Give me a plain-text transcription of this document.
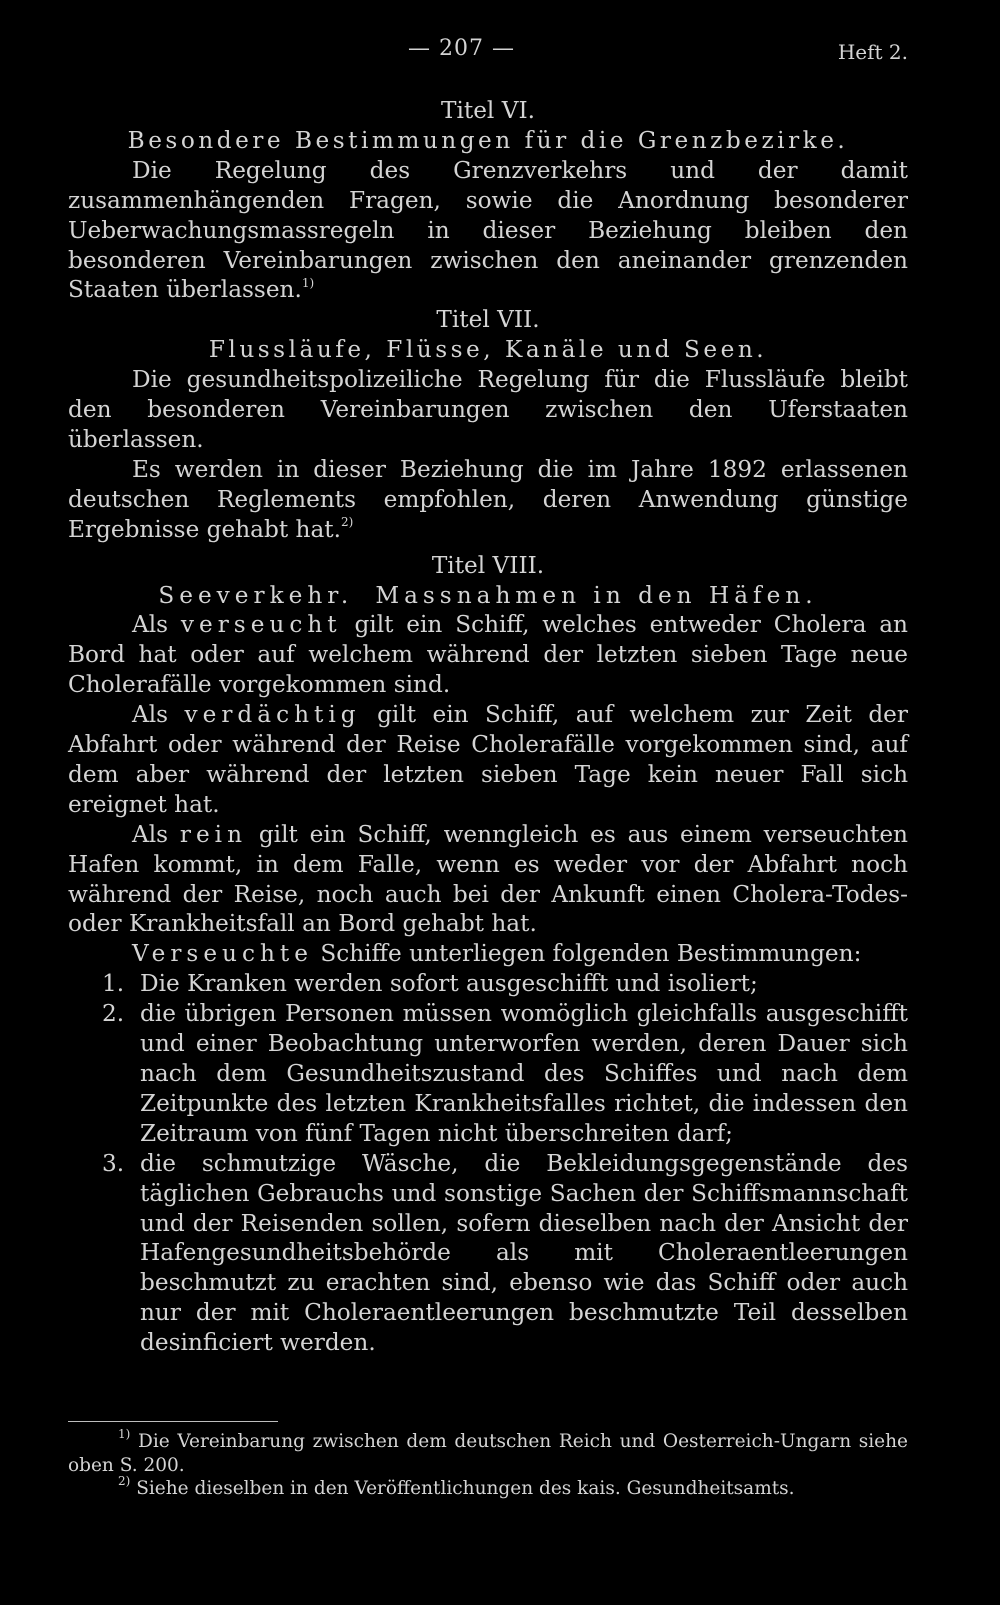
— 207 —	Heft 2.
Titel VI.
Besondere Bestimmungen für die Grenzbezirke.

Die Regelung des Grenzverkehrs und der damit zusammenhängenden Fragen, sowie die Anordnung besonderer Ueberwachungsmassregeln in dieser Beziehung bleiben den besonderen Vereinbarungen zwischen den aneinander grenzenden Staaten überlassen.$^{1)}$

Titel VII.
Flussläufe, Flüsse, Kanäle und Seen.

Die gesundheitspolizeiliche Regelung für die Flussläufe bleibt den besonderen Vereinbarungen zwischen den Uferstaaten überlassen.

Es werden in dieser Beziehung die im Jahre 1892 erlassenen deutschen Reglements empfohlen, deren Anwendung günstige Ergebnisse gehabt hat.$^{2)}$

Titel VIII.
Seeverkehr. Massnahmen in den Häfen.

Als verseucht gilt ein Schiff, welches entweder Cholera an Bord hat oder auf welchem während der letzten sieben Tage neue Cholerafälle vorgekommen sind.

Als verdächtig gilt ein Schiff, auf welchem zur Zeit der Abfahrt oder während der Reise Cholerafälle vorgekommen sind, auf dem aber während der letzten sieben Tage kein neuer Fall sich ereignet hat.

Als rein gilt ein Schiff, wenngleich es aus einem verseuchten Hafen kommt, in dem Falle, wenn es weder vor der Abfahrt noch während der Reise, noch auch bei der Ankunft einen Cholera-Todes- oder Krankheitsfall an Bord gehabt hat.

Verseuchte Schiffe unterliegen folgenden Bestimmungen:

1. Die Kranken werden sofort ausgeschifft und isoliert;

2. die übrigen Personen müssen womöglich gleichfalls ausgeschifft und einer Beobachtung unterworfen werden, deren Dauer sich nach dem Gesundheitszustand des Schiffes und nach dem Zeitpunkte des letzten Krankheitsfalles richtet, die indessen den Zeitraum von fünf Tagen nicht überschreiten darf;

3. die schmutzige Wäsche, die Bekleidungsgegenstände des täglichen Gebrauchs und sonstige Sachen der Schiffsmannschaft und der Reisenden sollen, sofern dieselben nach der Ansicht der Hafengesundheitsbehörde als mit Choleraentleerungen beschmutzt zu erachten sind, ebenso wie das Schiff oder auch nur der mit Choleraentleerungen beschmutzte Teil desselben desinficiert werden.

$^{1)}$ Die Vereinbarung zwischen dem deutschen Reich und Oesterreich-Ungarn siehe oben S. 200.

$^{2)}$ Siehe dieselben in den Veröffentlichungen des kais. Gesundheitsamts.
